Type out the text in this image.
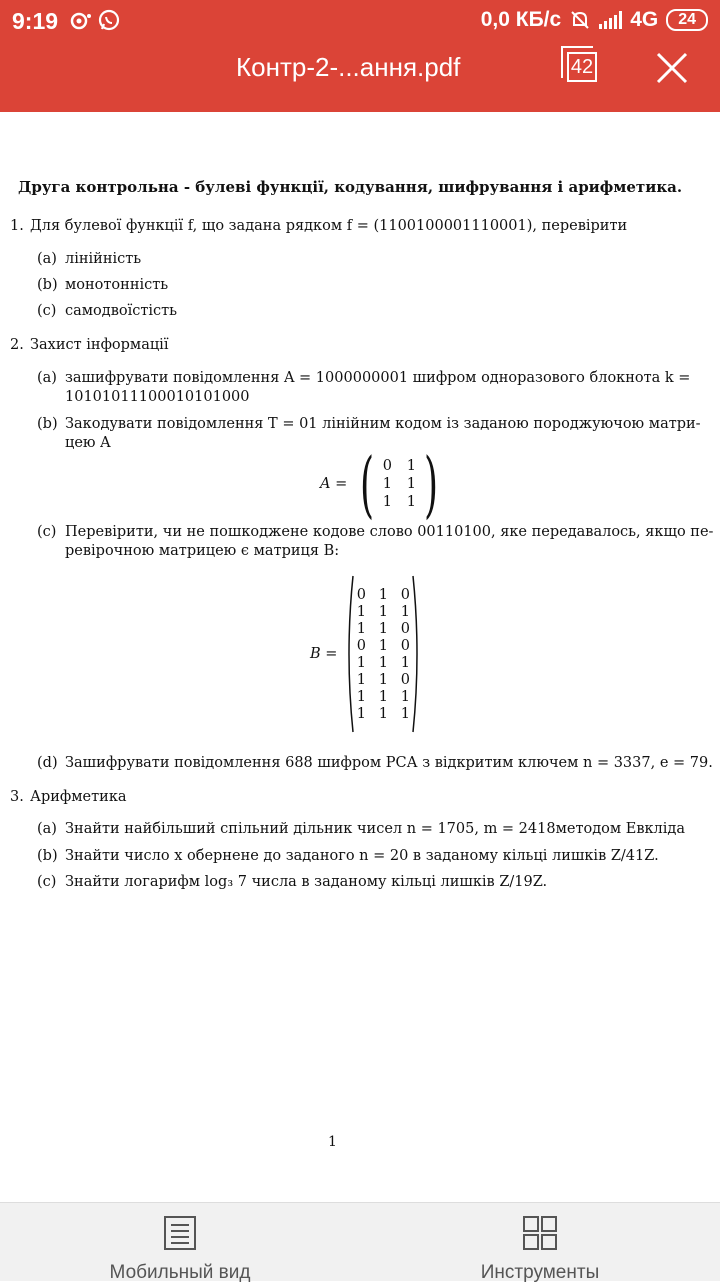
9:19
	0,0 КБ/с	4G	24
Контр-2-...ання.pdf	42
Друга контрольна - булеві функції, кодування, шифрування і арифметика.
1. Для булевої функції f, що задана рядком f = (1100100001110001), перевірити
(a) лінійність
(b) монотонність
(c) самодвоїстість
2. Захист інформації
(a) зашифрувати повідомлення A = 1000000001 шифром одноразового блокнота k =
10101011100010101000
(b) Закодувати повідомлення T = 01 лінійним кодом із заданою породжуючою матри-
цею A
A = ( 0 1
1 1
1 1 )
(c) Перевірити, чи не пошкоджене кодове слово 00110100, яке передавалось, якщо пе-
ревірочною матрицею є матриця B:
B =
0 1 0
1 1 1
1 1 0
0 1 0
1 1 1
1 1 0
1 1 1
1 1 1
(d) Зашифрувати повідомлення 688 шифром РСА з відкритим ключем n = 3337, e = 79.
3. Арифметика
(a) Знайти найбільший спільний дільник чисел n = 1705, m = 2418методом Евкліда
(b) Знайти число x обернене до заданого n = 20 в заданому кільці лишків Z/41Z.
(c) Знайти логарифм log₃ 7 числа в заданому кільці лишків Z/19Z.
1
Мобильный вид	Инструменты
